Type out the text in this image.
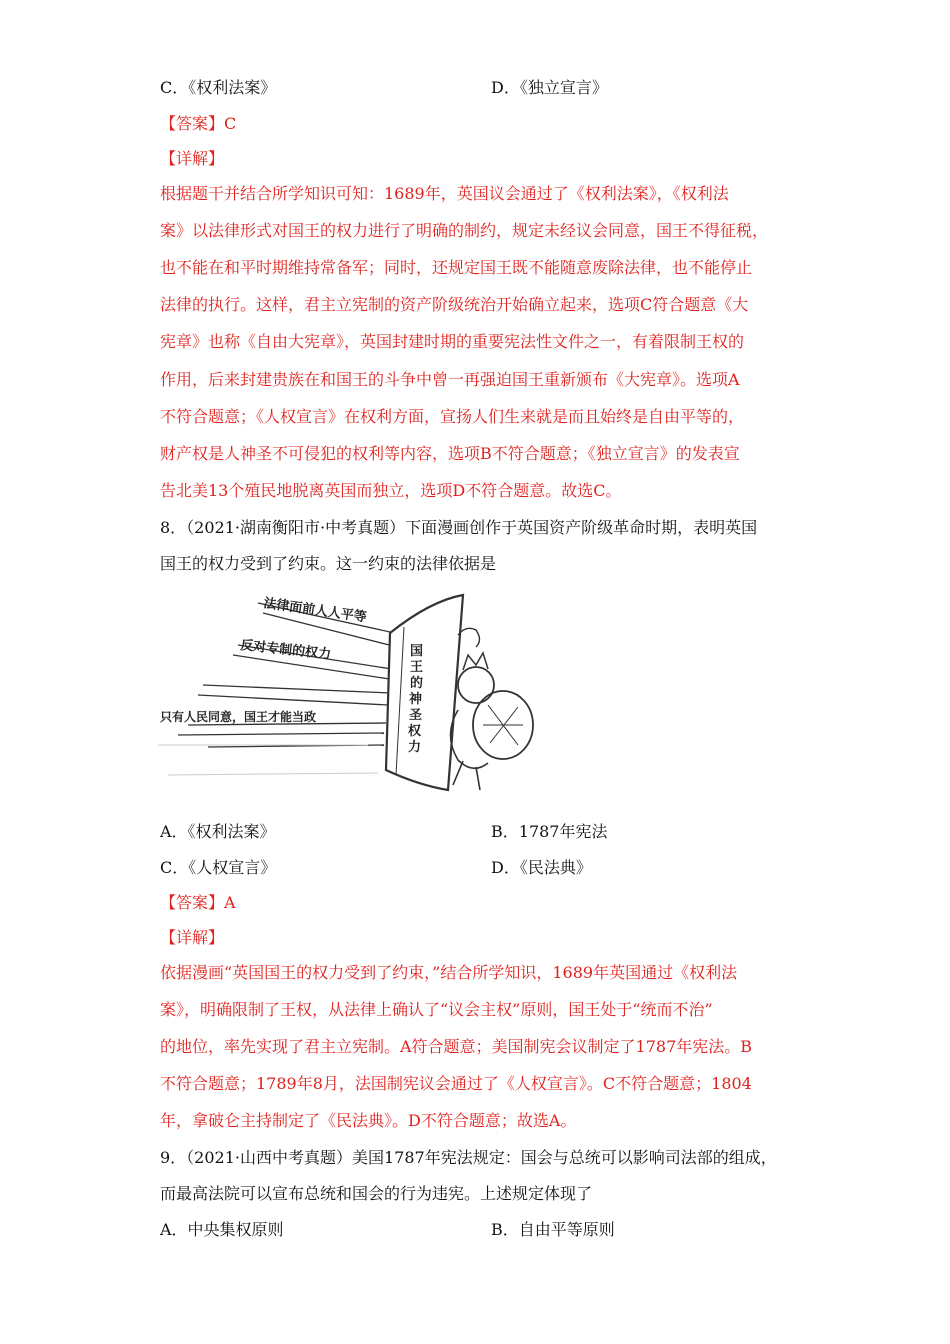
C．《权利法案》	D．《独立宣言》
【答案】C
【详解】
根据题干并结合所学知识可知：1689年，英国议会通过了《权利法案》，《权利法
案》以法律形式对国王的权力进行了明确的制约，规定未经议会同意，国王不得征税，
也不能在和平时期维持常备军；同时，还规定国王既不能随意废除法律，也不能停止
法律的执行。这样，君主立宪制的资产阶级统治开始确立起来，选项C符合题意《大
宪章》也称《自由大宪章》，英国封建时期的重要宪法性文件之一，有着限制王权的
作用，后来封建贵族在和国王的斗争中曾一再强迫国王重新颁布《大宪章》。选项A
不符合题意；《人权宣言》在权利方面，宣扬人们生来就是而且始终是自由平等的，
财产权是人神圣不可侵犯的权利等内容，选项B不符合题意；《独立宣言》的发表宣
告北美13个殖民地脱离英国而独立，选项D不符合题意。故选C。
8．（2021·湖南衡阳市·中考真题）下面漫画创作于英国资产阶级革命时期，表明英国
国王的权力受到了约束。这一约束的法律依据是
法律面前人人平等
反对专制的权力
只有人民同意，国王才能当政
国
王
的
神
圣
权
力
A．《权利法案》	B．1787年宪法
C．《人权宣言》	D．《民法典》
【答案】A
【详解】
依据漫画“英国国王的权力受到了约束，”结合所学知识，1689年英国通过《权利法
案》，明确限制了王权，从法律上确认了“议会主权”原则，国王处于“统而不治”
的地位，率先实现了君主立宪制。A符合题意；美国制宪会议制定了1787年宪法。B
不符合题意；1789年8月，法国制宪议会通过了《人权宣言》。C不符合题意；1804
年，拿破仑主持制定了《民法典》。D不符合题意；故选A。
9．（2021·山西中考真题）美国1787年宪法规定：国会与总统可以影响司法部的组成，
而最高法院可以宣布总统和国会的行为违宪。上述规定体现了
A．中央集权原则	B．自由平等原则
